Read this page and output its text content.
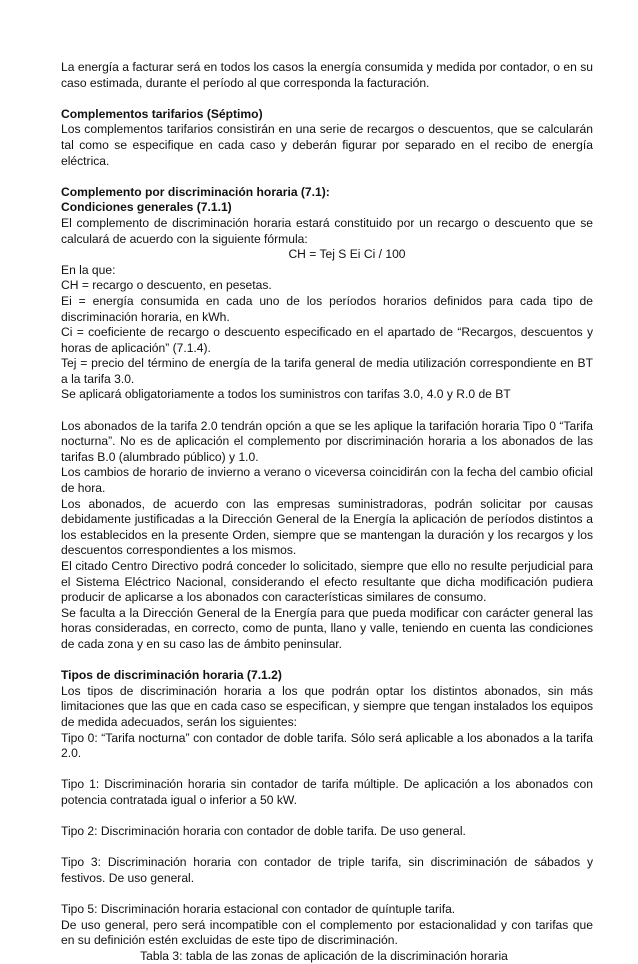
La energía a facturar será en todos los casos la energía consumida y medida por contador, o en su caso estimada, durante el período al que corresponda la facturación.

Complementos tarifarios (Séptimo)

Los complementos tarifarios consistirán en una serie de recargos o descuentos, que se calcularán tal como se especifique en cada caso y deberán figurar por separado en el recibo de energía eléctrica.

Complemento por discriminación horaria (7.1):

Condiciones generales (7.1.1)

El complemento de discriminación horaria estará constituido por un recargo o descuento que se calculará de acuerdo con la siguiente fórmula:

CH = Tej S Ei Ci / 100

En la que:

CH = recargo o descuento, en pesetas.

Ei = energía consumida en cada uno de los períodos horarios definidos para cada tipo de discriminación horaria, en kWh.

Ci = coeficiente de recargo o descuento especificado en el apartado de “Recargos, descuentos y horas de aplicación” (7.1.4).

Tej = precio del término de energía de la tarifa general de media utilización correspondiente en BT a la tarifa 3.0.

Se aplicará obligatoriamente a todos los suministros con tarifas 3.0, 4.0 y R.0 de BT

Los abonados de la tarifa 2.0 tendrán opción a que se les aplique la tarifación horaria Tipo 0 “Tarifa nocturna”. No es de aplicación el complemento por discriminación horaria a los abonados de las tarifas B.0 (alumbrado público) y 1.0.

Los cambios de horario de invierno a verano o viceversa coincidirán con la fecha del cambio oficial de hora.

Los abonados, de acuerdo con las empresas suministradoras, podrán solicitar por causas debidamente justificadas a la Dirección General de la Energía la aplicación de períodos distintos a los establecidos en la presente Orden, siempre que se mantengan la duración y los recargos y los descuentos correspondientes a los mismos.

El citado Centro Directivo podrá conceder lo solicitado, siempre que ello no resulte perjudicial para el Sistema Eléctrico Nacional, considerando el efecto resultante que dicha modificación pudiera producir de aplicarse a los abonados con características similares de consumo.

Se faculta a la Dirección General de la Energía para que pueda modificar con carácter general las horas consideradas, en correcto, como de punta, llano y valle, teniendo en cuenta las condiciones de cada zona y en su caso las de ámbito peninsular.

Tipos de discriminación horaria (7.1.2)

Los tipos de discriminación horaria a los que podrán optar los distintos abonados, sin más limitaciones que las que en cada caso se especifican, y siempre que tengan instalados los equipos de medida adecuados, serán los siguientes:

Tipo 0: “Tarifa nocturna” con contador de doble tarifa. Sólo será aplicable a los abonados a la tarifa 2.0.

Tipo 1: Discriminación horaria sin contador de tarifa múltiple. De aplicación a los abonados con potencia contratada igual o inferior a 50 kW.

Tipo 2: Discriminación horaria con contador de doble tarifa. De uso general.

Tipo 3: Discriminación horaria con contador de triple tarifa, sin discriminación de sábados y festivos. De uso general.

Tipo 5: Discriminación horaria estacional con contador de quíntuple tarifa.

De uso general, pero será incompatible con el complemento por estacionalidad y con tarifas que en su definición estén excluidas de este tipo de discriminación.

Tabla 3: tabla de las zonas de aplicación de la discriminación horaria
